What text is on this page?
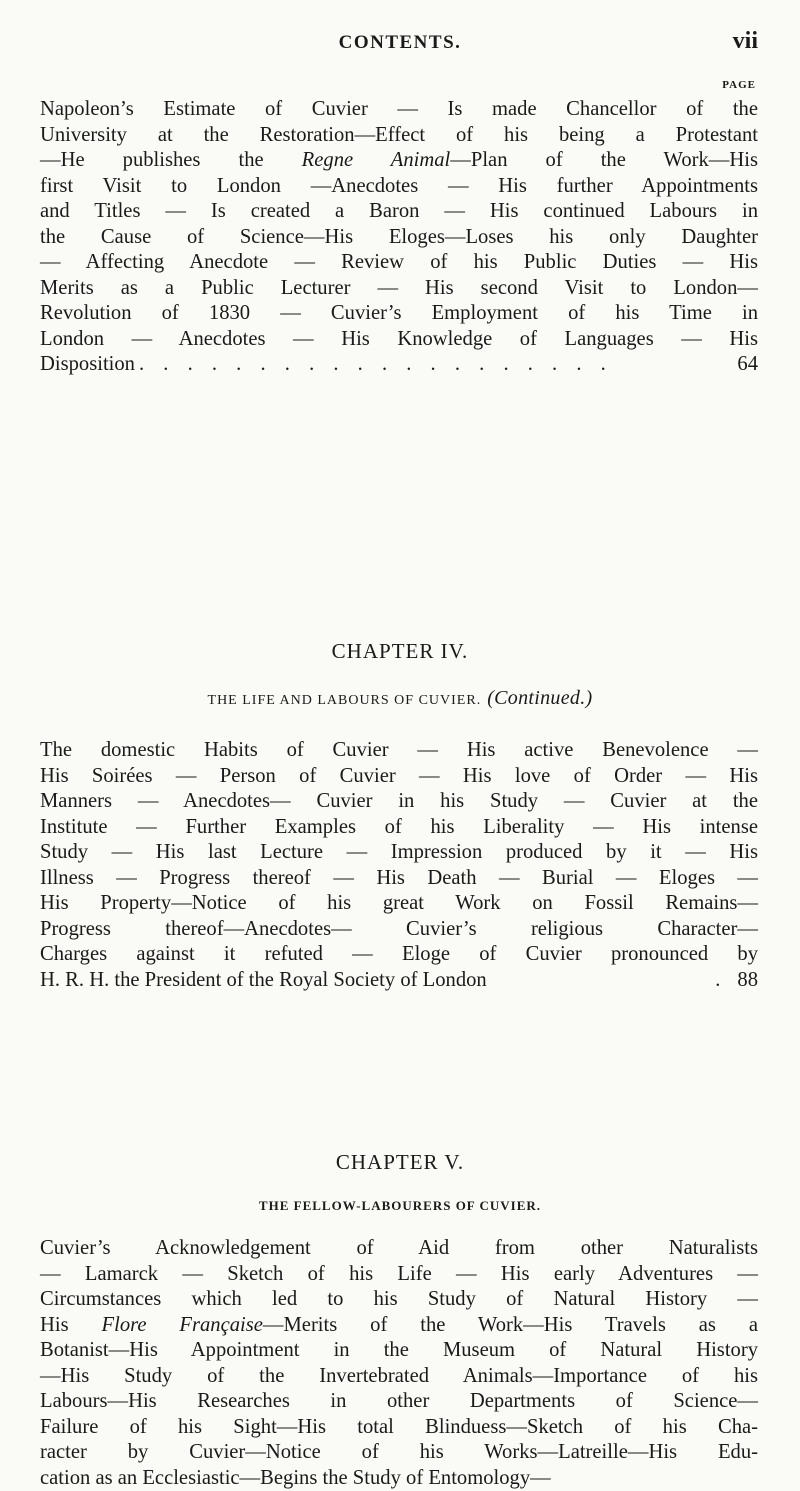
CONTENTS.	vii
PAGE
Napoleon’s Estimate of Cuvier — Is made Chancellor of the
University at the Restoration—Effect of his being a Protestant
—He publishes the Regne Animal—Plan of the Work—His
first Visit to London —Anecdotes — His further Appointments
and Titles — Is created a Baron — His continued Labours in
the Cause of Science—His Eloges—Loses his only Daughter
— Affecting Anecdote — Review of his Public Duties — His
Merits as a Public Lecturer — His second Visit to London—
Revolution of 1830 — Cuvier’s Employment of his Time in
London — Anecdotes — His Knowledge of Languages — His
Disposition . . . . . . . . . . . . . . . . . . . .	64
CHAPTER IV.
THE LIFE AND LABOURS OF CUVIER. (Continued.)
The domestic Habits of Cuvier — His active Benevolence —
His Soirées — Person of Cuvier — His love of Order — His
Manners — Anecdotes— Cuvier in his Study — Cuvier at the
Institute — Further Examples of his Liberality — His intense
Study — His last Lecture — Impression produced by it — His
Illness — Progress thereof — His Death — Burial — Eloges —
His Property—Notice of his great Work on Fossil Remains—
Progress thereof—Anecdotes— Cuvier’s religious Character—
Charges against it refuted — Eloge of Cuvier pronounced by
H. R. H. the President of the Royal Society of London	. 88
CHAPTER V.
THE FELLOW-LABOURERS OF CUVIER.
Cuvier’s Acknowledgement of Aid from other Naturalists
— Lamarck — Sketch of his Life — His early Adventures —
Circumstances which led to his Study of Natural History —
His Flore Française—Merits of the Work—His Travels as a
Botanist—His Appointment in the Museum of Natural History
—His Study of the Invertebrated Animals—Importance of his
Labours—His Researches in other Departments of Science—
Failure of his Sight—His total Blinduess—Sketch of his Cha-
racter by Cuvier—Notice of his Works—Latreille—His Edu-
cation as an Ecclesiastic—Begins the Study of Entomology—
